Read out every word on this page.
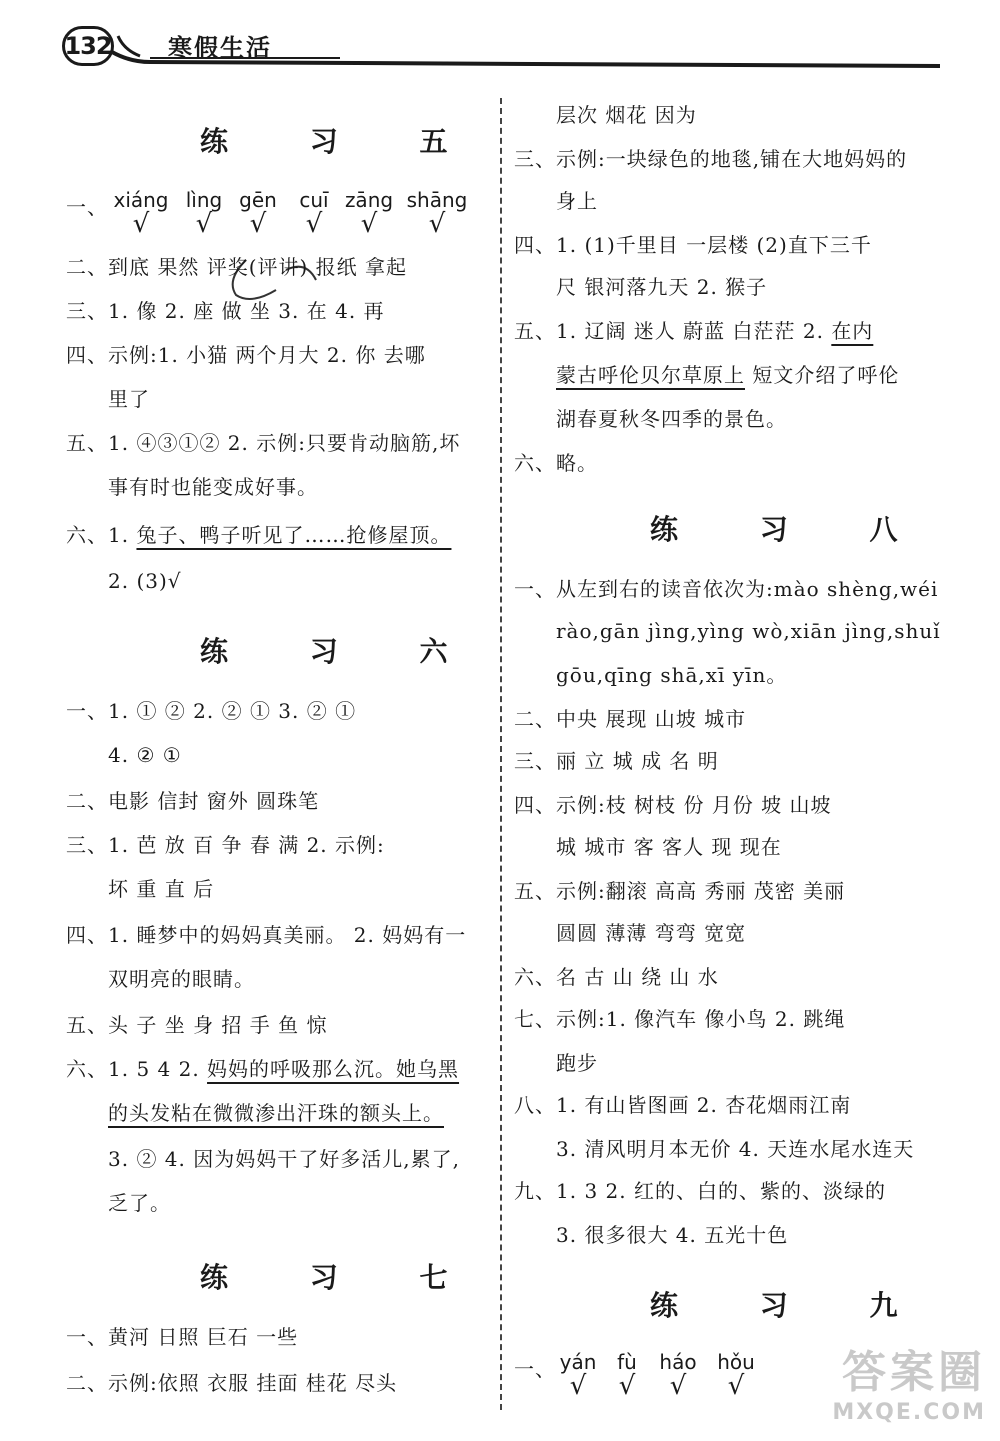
132 寒假生活
练 习 五
一、 xiáng
√
lìng
√
gēn
√
cuī
√
zāng
√
shāng
√
二、到底 果然 评奖(评讲) 报纸 拿起
三、1. 像 2. 座 做 坐 3. 在 4. 再
四、示例:1. 小猫 两个月大 2. 你 去哪
里了
五、1. ④③①② 2. 示例:只要肯动脑筋,坏
事有时也能变成好事。
六、1. 兔子、鸭子听见了……抢修屋顶。
2. (3)√
练 习 六
一、1. ① ② 2. ② ① 3. ② ①
4. ② ①
二、电影 信封 窗外 圆珠笔
三、1. 芭 放 百 争 春 满 2. 示例:
坏 重 直 后
四、1. 睡梦中的妈妈真美丽。 2. 妈妈有一
双明亮的眼睛。
五、头 子 坐 身 招 手 鱼 惊
六、1. 5 4 2. 妈妈的呼吸那么沉。她乌黑
的头发粘在微微渗出汗珠的额头上。
3. ② 4. 因为妈妈干了好多活儿,累了,
乏了。
练 习 七
一、黄河 日照 巨石 一些
二、示例:依照 衣服 挂面 桂花 尽头
层次 烟花 因为
三、示例:一块绿色的地毯,铺在大地妈妈的
身上
四、1. (1)千里目 一层楼 (2)直下三千
尺 银河落九天 2. 猴子
五、1. 辽阔 迷人 蔚蓝 白茫茫 2. 在内
蒙古呼伦贝尔草原上 短文介绍了呼伦
湖春夏秋冬四季的景色。
六、略。
练 习 八
一、从左到右的读音依次为:mào shèng,wéi
rào,gān jìng,yìng wò,xiān jìng,shuǐ
gōu,qīng shā,xī yīn。
二、中央 展现 山坡 城市
三、丽 立 城 成 名 明
四、示例:枝 树枝 份 月份 坡 山坡
城 城市 客 客人 现 现在
五、示例:翻滚 高高 秀丽 茂密 美丽
圆圆 薄薄 弯弯 宽宽
六、名 古 山 绕 山 水
七、示例:1. 像汽车 像小鸟 2. 跳绳
跑步
八、1. 有山皆图画 2. 杏花烟雨江南
3. 清风明月本无价 4. 天连水尾水连天
九、1. 3 2. 红的、白的、紫的、淡绿的
3. 很多很大 4. 五光十色
练 习 九
一、 yán
√
fù
√
háo
√
hǒu
√	答案圈
MXQE.COM
